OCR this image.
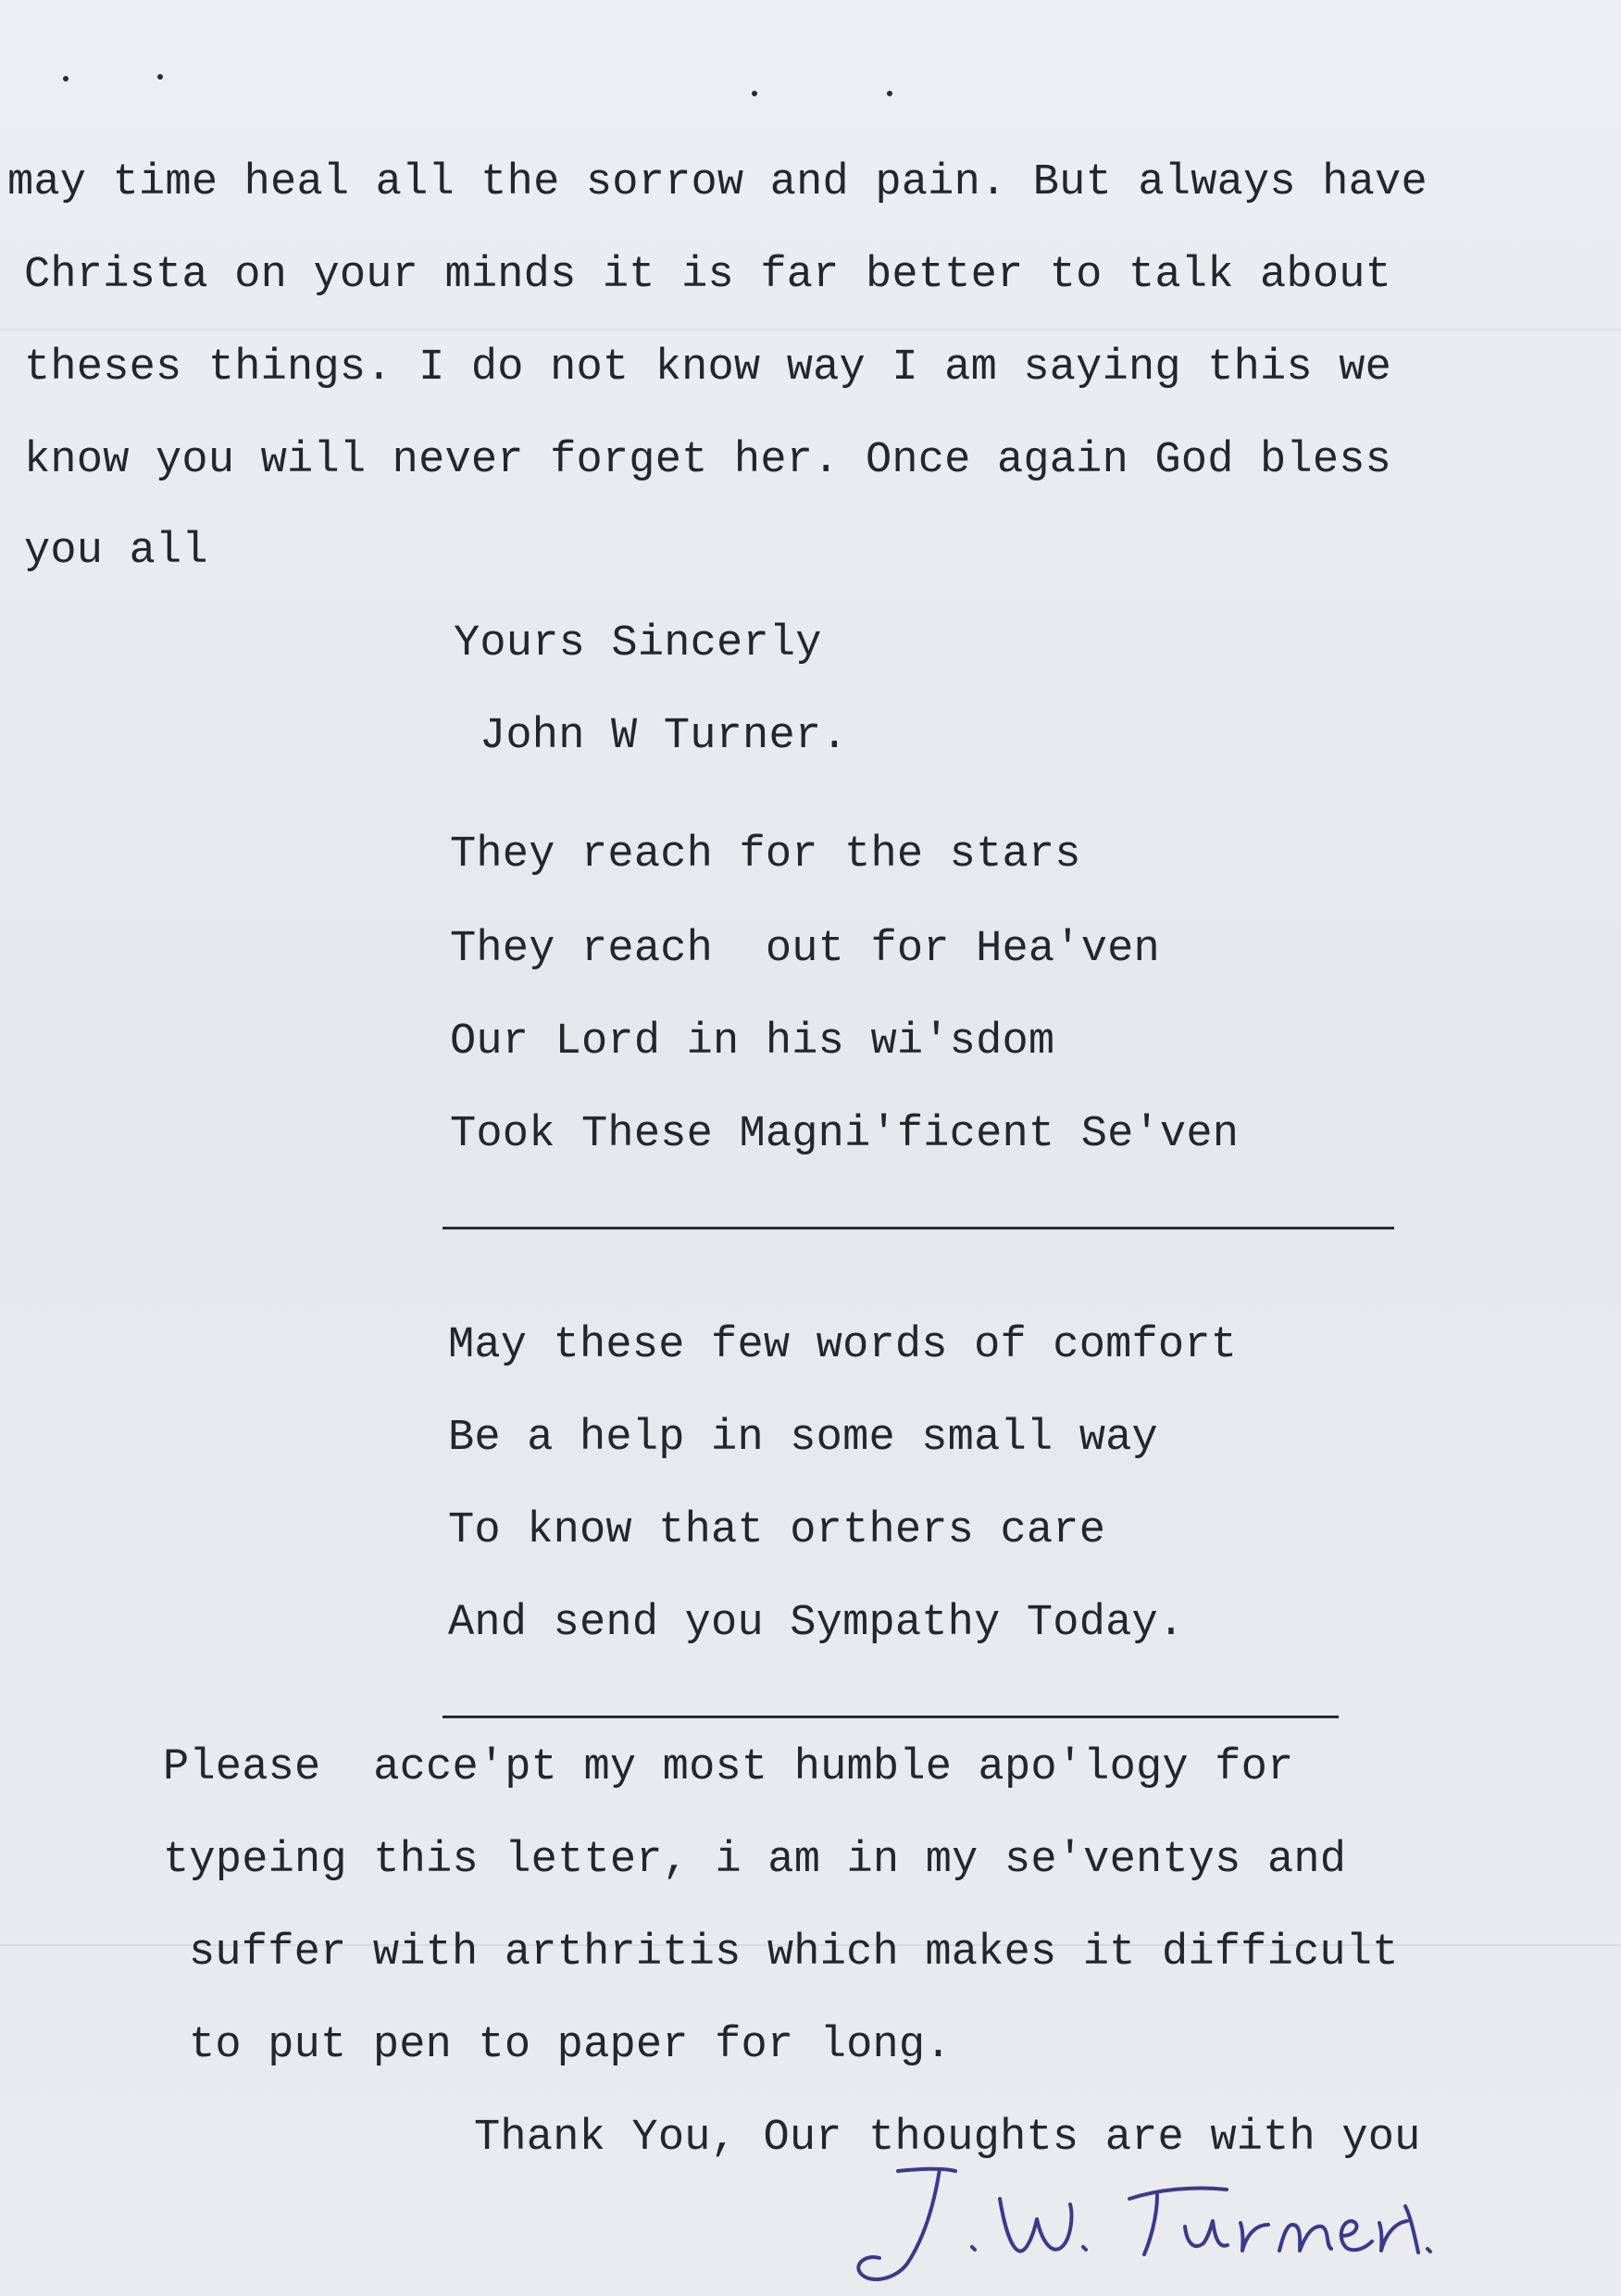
may time heal all the sorrow and pain. But always have
Christa on your minds it is far better to talk about
theses things. I do not know way I am saying this we
know you will never forget her. Once again God bless
you all
Yours Sincerly
John W Turner.
They reach for the stars
They reach  out for Hea'ven
Our Lord in his wi'sdom
Took These Magni'ficent Se'ven
May these few words of comfort
Be a help in some small way
To know that orthers care
And send you Sympathy Today.
Please  acce'pt my most humble apo'logy for
typeing this letter, i am in my se'ventys and
suffer with arthritis which makes it difficult
to put pen to paper for long.
Thank You, Our thoughts are with you
